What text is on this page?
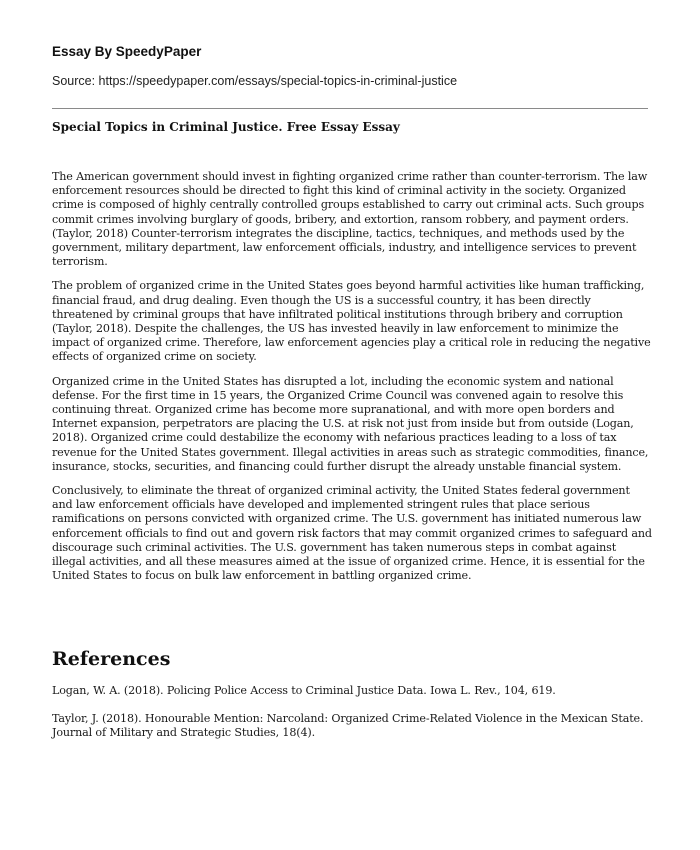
Essay By SpeedyPaper
Source: https://speedypaper.com/essays/special-topics-in-criminal-justice
Special Topics in Criminal Justice. Free Essay Essay

The American government should invest in fighting organized crime rather than counter-terrorism. The law enforcement resources should be directed to fight this kind of criminal activity in the society. Organized crime is composed of highly centrally controlled groups established to carry out criminal acts. Such groups commit crimes involving burglary of goods, bribery, and extortion, ransom robbery, and payment orders. (Taylor, 2018) Counter-terrorism integrates the discipline, tactics, techniques, and methods used by the government, military department, law enforcement officials, industry, and intelligence services to prevent terrorism.

The problem of organized crime in the United States goes beyond harmful activities like human trafficking, financial fraud, and drug dealing. Even though the US is a successful country, it has been directly threatened by criminal groups that have infiltrated political institutions through bribery and corruption (Taylor, 2018). Despite the challenges, the US has invested heavily in law enforcement to minimize the impact of organized crime. Therefore, law enforcement agencies play a critical role in reducing the negative effects of organized crime on society.

Organized crime in the United States has disrupted a lot, including the economic system and national defense. For the first time in 15 years, the Organized Crime Council was convened again to resolve this continuing threat. Organized crime has become more supranational, and with more open borders and Internet expansion, perpetrators are placing the U.S. at risk not just from inside but from outside (Logan, 2018). Organized crime could destabilize the economy with nefarious practices leading to a loss of tax revenue for the United States government. Illegal activities in areas such as strategic commodities, finance, insurance, stocks, securities, and financing could further disrupt the already unstable financial system.

Conclusively, to eliminate the threat of organized criminal activity, the United States federal government and law enforcement officials have developed and implemented stringent rules that place serious ramifications on persons convicted with organized crime. The U.S. government has initiated numerous law enforcement officials to find out and govern risk factors that may commit organized crimes to safeguard and discourage such criminal activities. The U.S. government has taken numerous steps in combat against illegal activities, and all these measures aimed at the issue of organized crime. Hence, it is essential for the United States to focus on bulk law enforcement in battling organized crime.

References
Logan, W. A. (2018). Policing Police Access to Criminal Justice Data. Iowa L. Rev., 104, 619.
Taylor, J. (2018). Honourable Mention: Narcoland: Organized Crime-Related Violence in the Mexican State. Journal of Military and Strategic Studies, 18(4).
